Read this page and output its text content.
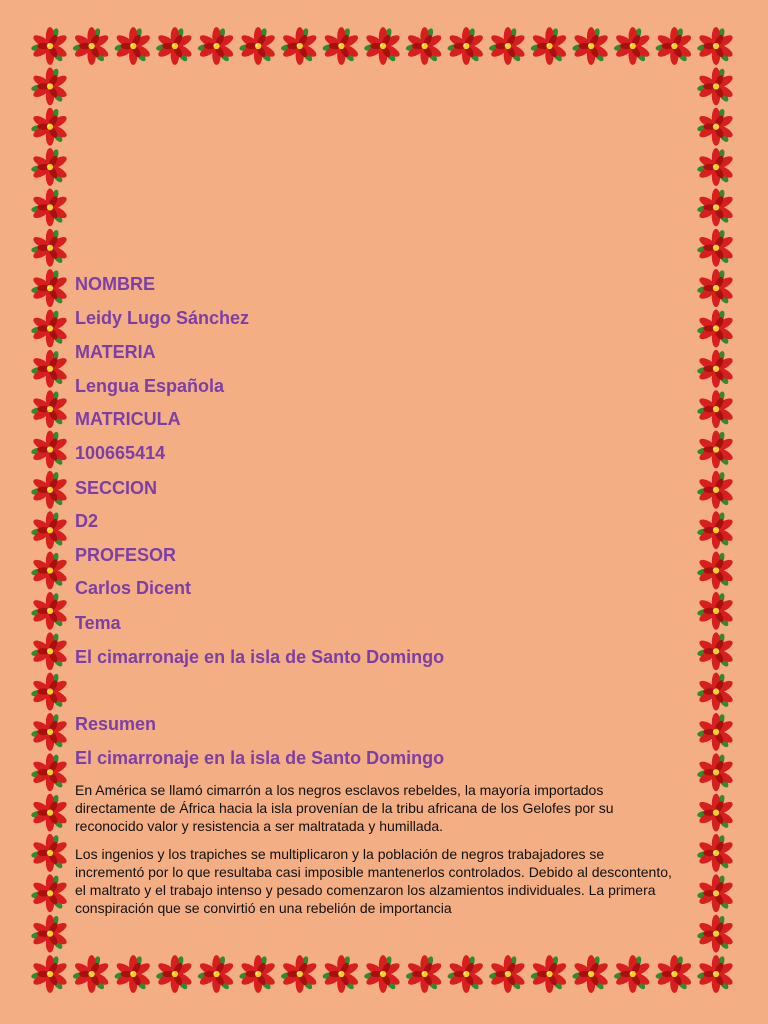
NOMBRE

Leidy Lugo Sánchez

MATERIA

Lengua Española

MATRICULA

100665414

SECCION

D2

PROFESOR

Carlos Dicent

Tema

El cimarronaje en la isla de Santo Domingo

Resumen

El cimarronaje en la isla de Santo Domingo

En América se llamó cimarrón a los negros esclavos rebeldes, la mayoría importados directamente de África hacia la isla provenían de la tribu africana de los Gelofes por su reconocido valor y resistencia a ser maltratada y humillada.

Los ingenios y los trapiches se multiplicaron y la población de negros trabajadores se incrementó por lo que resultaba casi imposible mantenerlos controlados. Debido al descontento, el maltrato y el trabajo intenso y pesado comenzaron los alzamientos individuales. La primera conspiración que se convirtió en una rebelión de importancia
